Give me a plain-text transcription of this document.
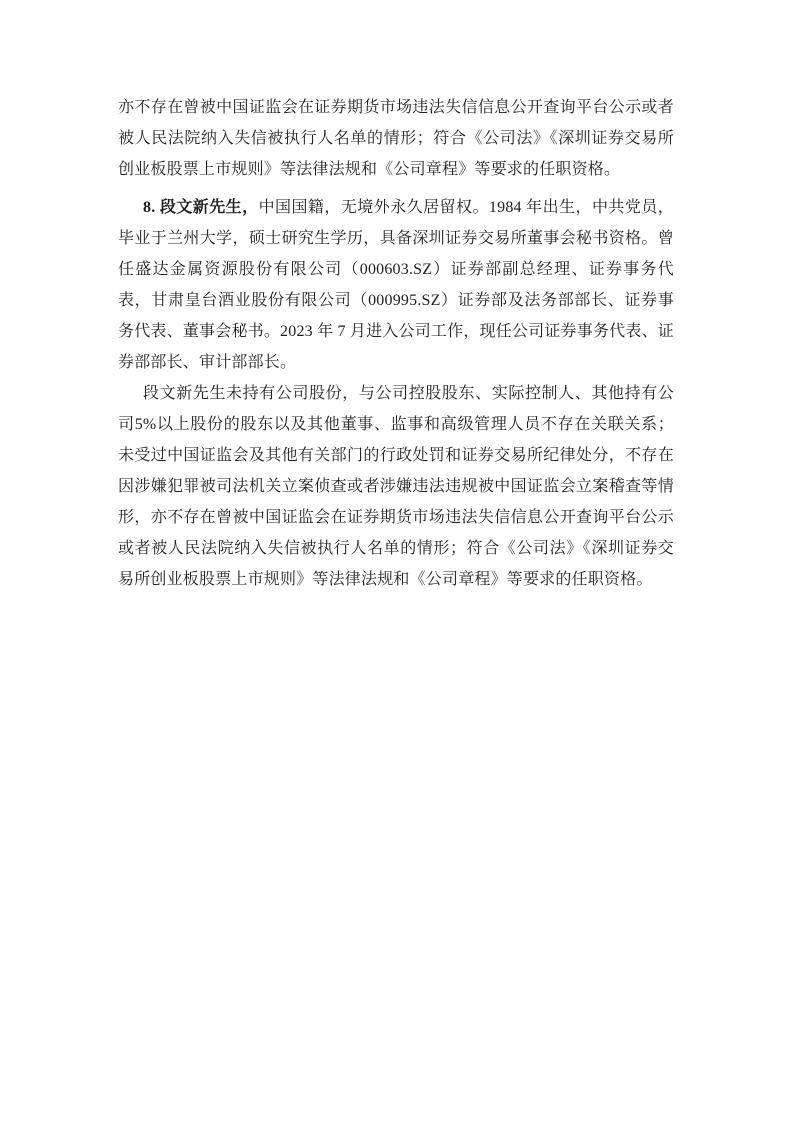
亦不存在曾被中国证监会在证券期货市场违法失信信息公开查询平台公示或者被人民法院纳入失信被执行人名单的情形；符合《公司法》《深圳证券交易所创业板股票上市规则》等法律法规和《公司章程》等要求的任职资格。

8. 段文新先生，中国国籍，无境外永久居留权。1984 年出生，中共党员，毕业于兰州大学，硕士研究生学历，具备深圳证券交易所董事会秘书资格。曾任盛达金属资源股份有限公司（000603.SZ）证券部副总经理、证券事务代表，甘肃皇台酒业股份有限公司（000995.SZ）证券部及法务部部长、证券事务代表、董事会秘书。2023 年 7 月进入公司工作，现任公司证券事务代表、证券部部长、审计部部长。

段文新先生未持有公司股份，与公司控股股东、实际控制人、其他持有公司5%以上股份的股东以及其他董事、监事和高级管理人员不存在关联关系；未受过中国证监会及其他有关部门的行政处罚和证券交易所纪律处分，不存在因涉嫌犯罪被司法机关立案侦查或者涉嫌违法违规被中国证监会立案稽查等情形，亦不存在曾被中国证监会在证券期货市场违法失信信息公开查询平台公示或者被人民法院纳入失信被执行人名单的情形；符合《公司法》《深圳证券交易所创业板股票上市规则》等法律法规和《公司章程》等要求的任职资格。
